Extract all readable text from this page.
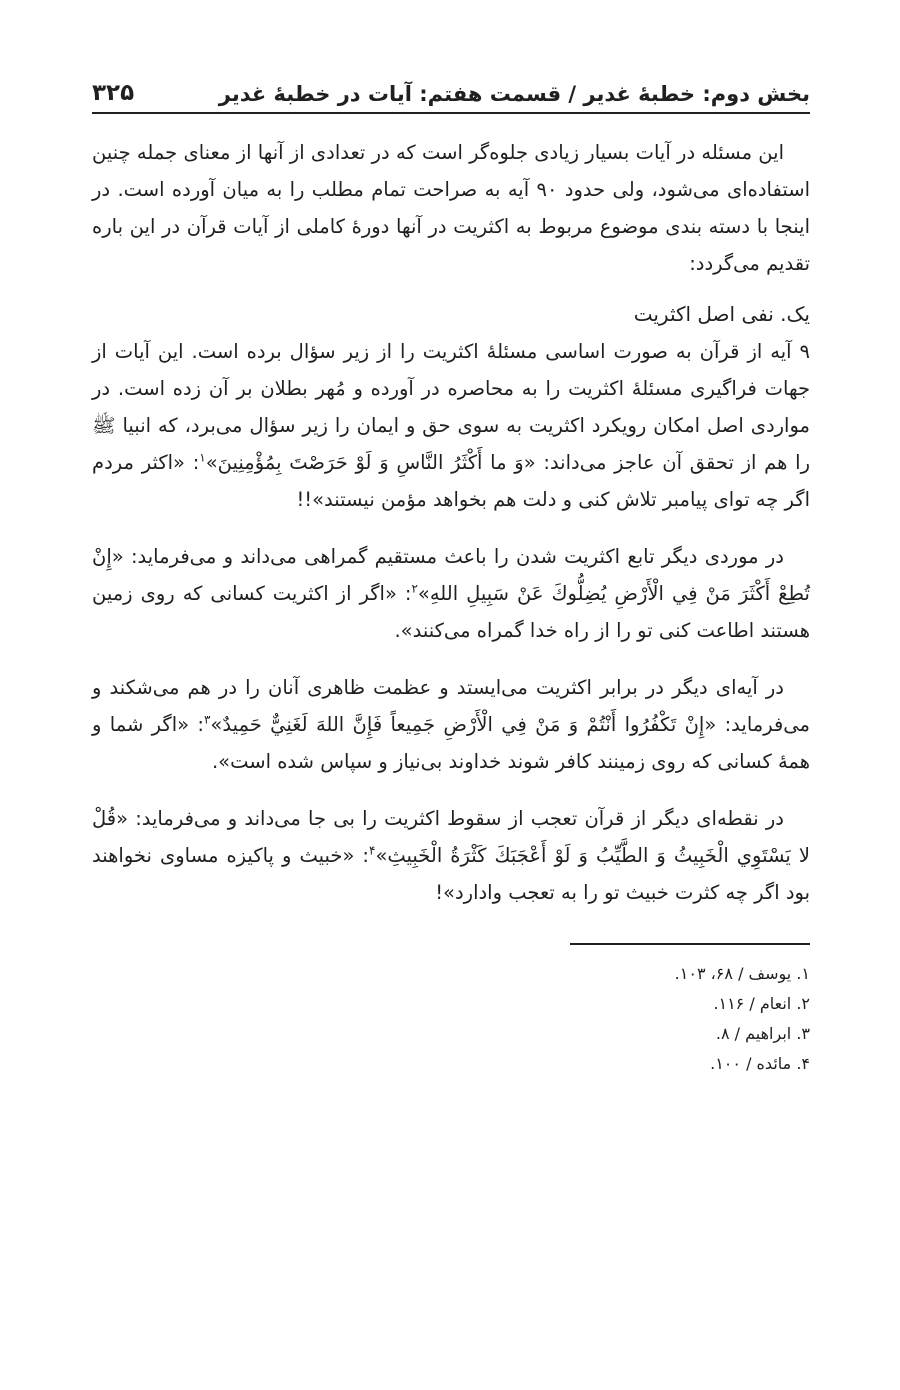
بخش دوم: خطبۀ غدیر / قسمت هفتم: آیات در خطبۀ غدیر
۳۲۵

این مسئله در آیات بسیار زیادی جلوه‌گر است که در تعدادی از آنها از معنای جمله چنین استفاده‌ای می‌شود، ولی حدود ۹۰ آیه به صراحت تمام مطلب را به میان آورده است. در اینجا با دسته بندی موضوع مربوط به اکثریت در آنها دورۀ کاملی از آیات قرآن در این باره تقدیم می‌گردد:

یک. نفی اصل اکثریت

۹ آیه از قرآن به صورت اساسی مسئلۀ اکثریت را از زیر سؤال برده است. این آیات از جهات فراگیری مسئلۀ اکثریت را به محاصره در آورده و مُهر بطلان بر آن زده است. در مواردی اصل امکان رویکرد اکثریت به سوی حق و ایمان را زیر سؤال می‌برد، که انبیا ﷺ را هم از تحقق آن عاجز می‌داند: «وَ ما أَكْثَرُ النَّاسِ وَ لَوْ حَرَصْتَ بِمُؤْمِنِينَ»$^۱$: «اکثر مردم اگر چه توای پیامبر تلاش کنی و دلت هم بخواهد مؤمن نیستند»!!

در موردی دیگر تابع اکثریت شدن را باعث مستقیم گمراهی می‌داند و می‌فرماید: «إِنْ تُطِعْ أَكْثَرَ مَنْ فِي الْأَرْضِ يُضِلُّوكَ عَنْ سَبِيلِ اللهِ»$^۲$: «اگر از اکثریت کسانی که روی زمین هستند اطاعت کنی تو را از راه خدا گمراه می‌کنند».

در آیه‌ای دیگر در برابر اکثریت می‌ایستد و عظمت ظاهری آنان را در هم می‌شکند و می‌فرماید: «إِنْ تَكْفُرُوا أَنْتُمْ وَ مَنْ فِي الْأَرْضِ جَمِيعاً فَإِنَّ اللهَ لَغَنِيٌّ حَمِيدٌ»$^۳$: «اگر شما و همۀ کسانی که روی زمینند کافر شوند خداوند بی‌نیاز و سپاس شده است».

در نقطه‌ای دیگر از قرآن تعجب از سقوط اکثریت را بی جا می‌داند و می‌فرماید: «قُلْ لا يَسْتَوِي الْخَبِيثُ وَ الطَّيِّبُ وَ لَوْ أَعْجَبَكَ كَثْرَةُ الْخَبِيثِ»$^۴$: «خبیث و پاکیزه مساوی نخواهند بود اگر چه کثرت خبیث تو را به تعجب وادارد»!

۱. یوسف / ۶۸، ۱۰۳.
۲. انعام / ۱۱۶.
۳. ابراهیم / ۸.
۴. مائده / ۱۰۰.
